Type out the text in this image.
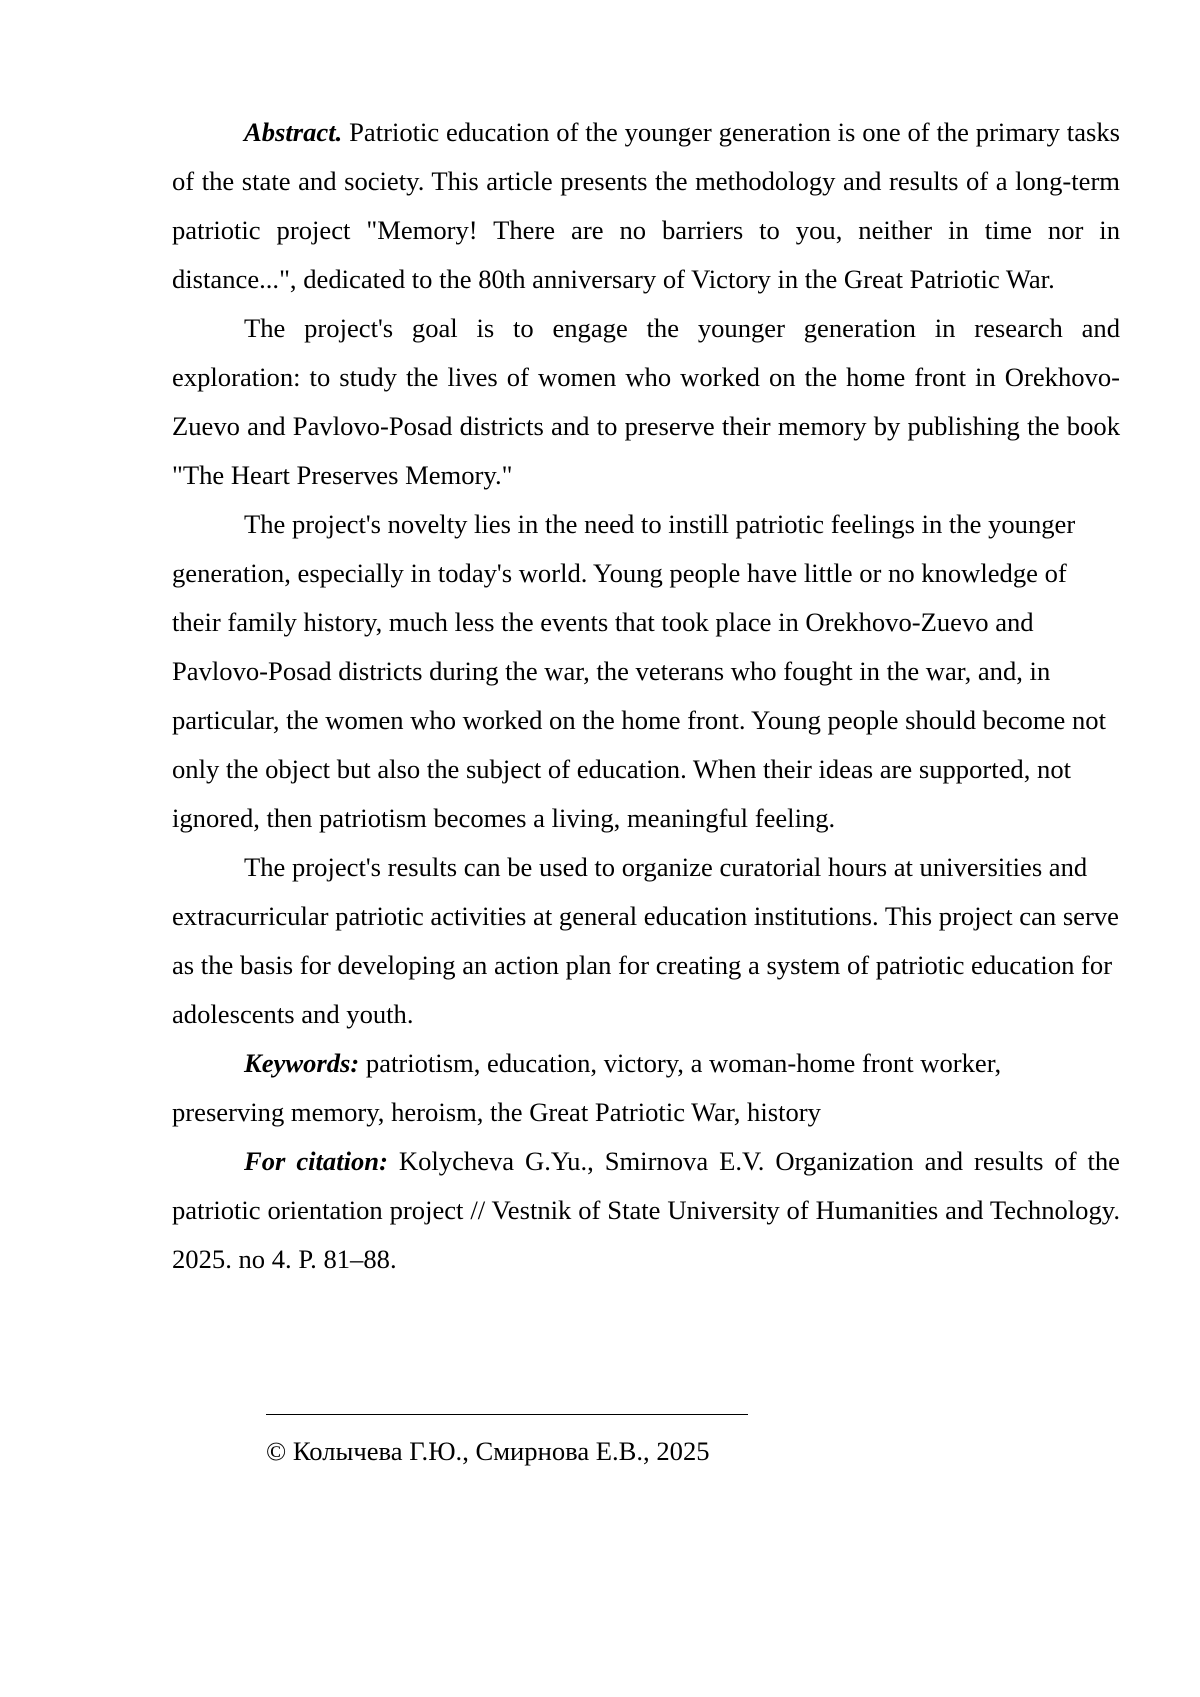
Abstract. Patriotic education of the younger generation is one of the primary tasks of the state and society. This article presents the methodology and results of a long-term patriotic project "Memory! There are no barriers to you, neither in time nor in distance...", dedicated to the 80th anniversary of Victory in the Great Patriotic War.

The project's goal is to engage the younger generation in research and exploration: to study the lives of women who worked on the home front in Orekhovo-Zuevo and Pavlovo-Posad districts and to preserve their memory by publishing the book "The Heart Preserves Memory."

The project's novelty lies in the need to instill patriotic feelings in the younger generation, especially in today's world. Young people have little or no knowledge of their family history, much less the events that took place in Orekhovo-Zuevo and Pavlovo-Posad districts during the war, the veterans who fought in the war, and, in particular, the women who worked on the home front. Young people should become not only the object but also the subject of education. When their ideas are supported, not ignored, then patriotism becomes a living, meaningful feeling.

The project's results can be used to organize curatorial hours at universities and extracurricular patriotic activities at general education institutions. This project can serve as the basis for developing an action plan for creating a system of patriotic education for adolescents and youth.

Keywords: patriotism, education, victory, a woman-home front worker, preserving memory, heroism, the Great Patriotic War, history

For citation: Kolycheva G.Yu., Smirnova E.V. Organization and results of the patriotic orientation project // Vestnik of State University of Humanities and Technology. 2025. no 4. P. 81–88.

© Колычева Г.Ю., Смирнова Е.В., 2025
